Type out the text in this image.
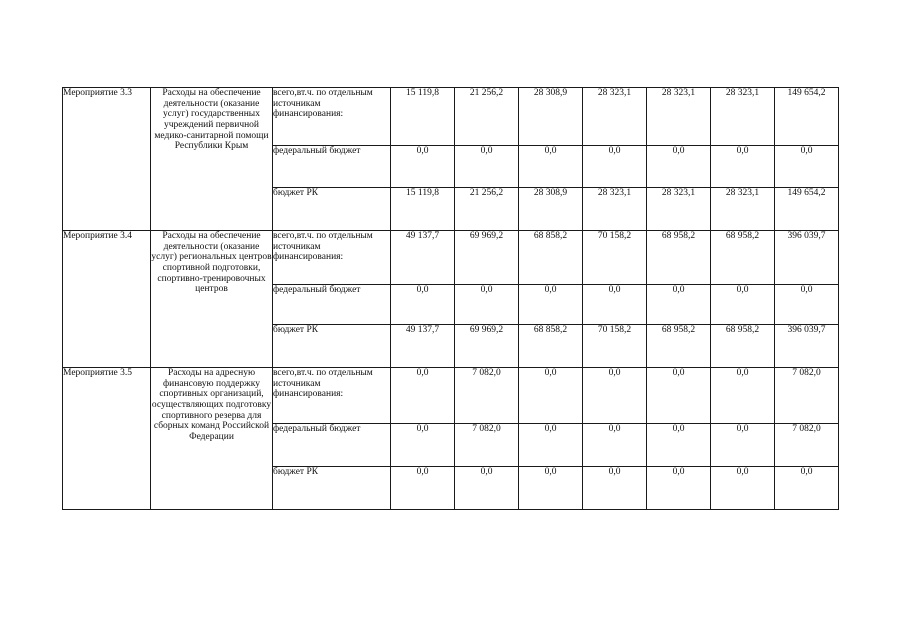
Мероприятие 3.3	Расходы на обеспечение деятельности (оказание услуг) государственных учреждений первичной медико-санитарной помощи Республики Крым	всего,вт.ч. по отдельным источникам финансирования:	15 119,8	21 256,2	28 308,9	28 323,1	28 323,1	28 323,1	149 654,2
		федеральный бюджет	0,0	0,0	0,0	0,0	0,0	0,0	0,0
		бюджет РК	15 119,8	21 256,2	28 308,9	28 323,1	28 323,1	28 323,1	149 654,2
Мероприятие 3.4	Расходы на обеспечение деятельности (оказание услуг) региональных центров спортивной подготовки, спортивно-тренировочных центров	всего,вт.ч. по отдельным источникам финансирования:	49 137,7	69 969,2	68 858,2	70 158,2	68 958,2	68 958,2	396 039,7
		федеральный бюджет	0,0	0,0	0,0	0,0	0,0	0,0	0,0
		бюджет РК	49 137,7	69 969,2	68 858,2	70 158,2	68 958,2	68 958,2	396 039,7
Мероприятие 3.5	Расходы на адресную финансовую поддержку спортивных организаций, осуществляющих подготовку спортивного резерва для сборных команд Российской Федерации	всего,вт.ч. по отдельным источникам финансирования:	0,0	7 082,0	0,0	0,0	0,0	0,0	7 082,0
		федеральный бюджет	0,0	7 082,0	0,0	0,0	0,0	0,0	7 082,0
		бюджет РК	0,0	0,0	0,0	0,0	0,0	0,0	0,0
